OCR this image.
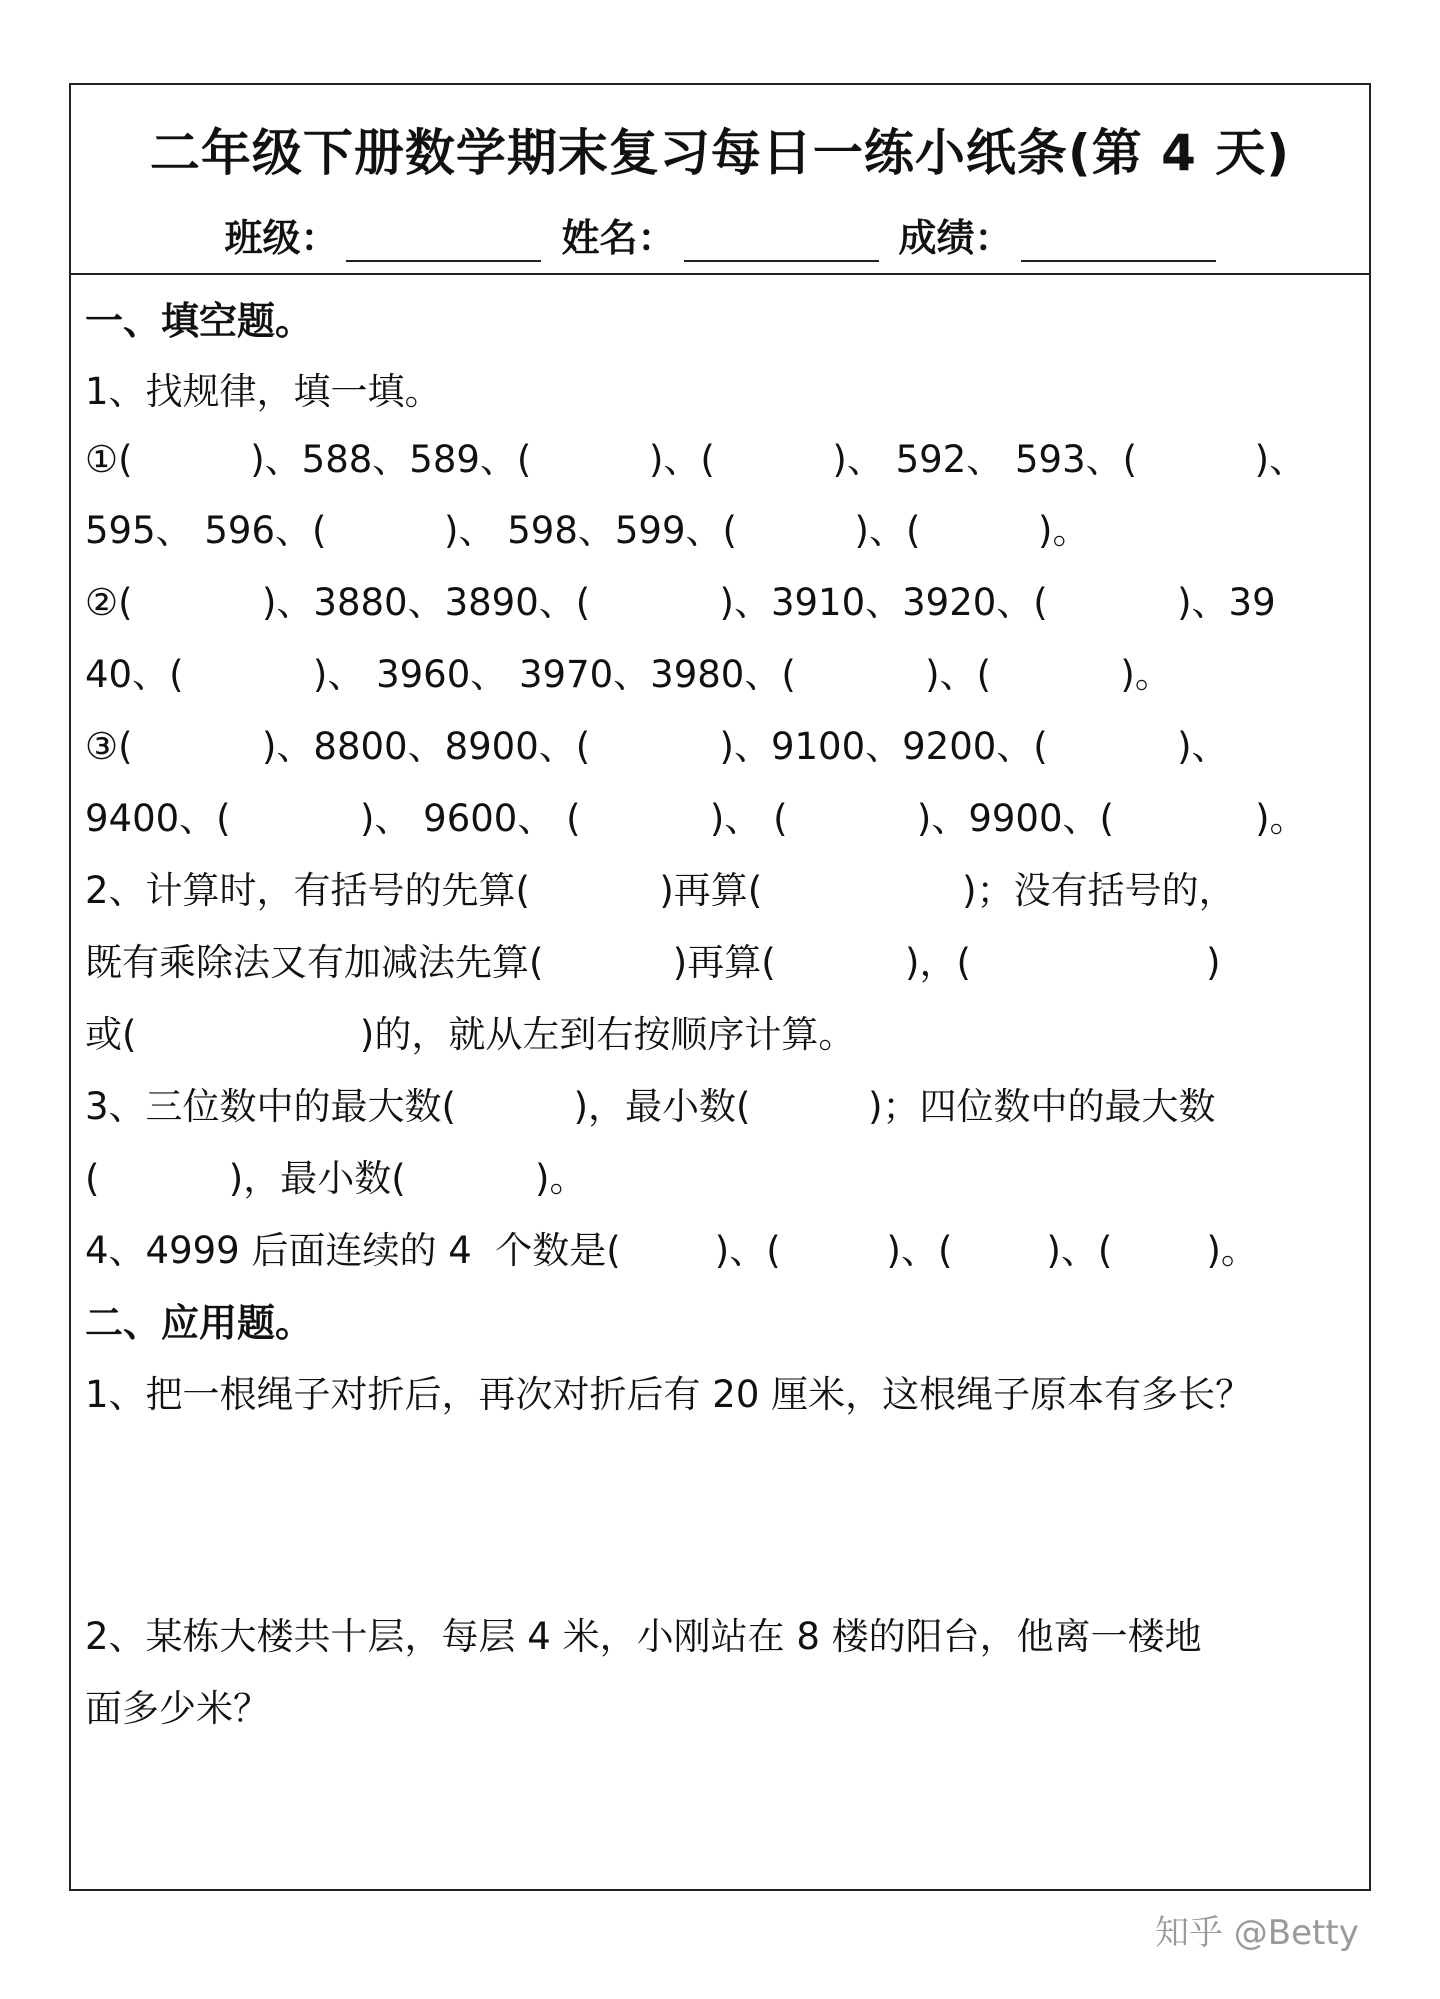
二年级下册数学期末复习每日一练小纸条(第 4 天)
班级：	姓名：	成绩：
一、填空题。
1、找规律，填一填。
①(          )、588、589、(          )、(          )、 592、 593、(          )、
595、 596、(          )、 598、599、(          )、(          )。
②(           )、3880、3890、(           )、3910、3920、(           )、39
40、(           )、 3960、 3970、3980、(           )、(           )。
③(           )、8800、8900、(           )、9100、9200、(           )、
9400、(           )、 9600、 (           )、 (           )、9900、(            )。
2、计算时，有括号的先算(           )再算(                 )；没有括号的，
既有乘除法又有加减法先算(           )再算(           )，(                    )
或(                   )的，就从左到右按顺序计算。
3、三位数中的最大数(          )，最小数(          )；四位数中的最大数
(           )，最小数(           )。
4、4999 后面连续的 4  个数是(        )、(         )、(        )、(        )。
二、应用题。
1、把一根绳子对折后，再次对折后有 20 厘米，这根绳子原本有多长？
2、某栋大楼共十层，每层 4 米，小刚站在 8 楼的阳台，他离一楼地
面多少米？
知乎 @Betty
